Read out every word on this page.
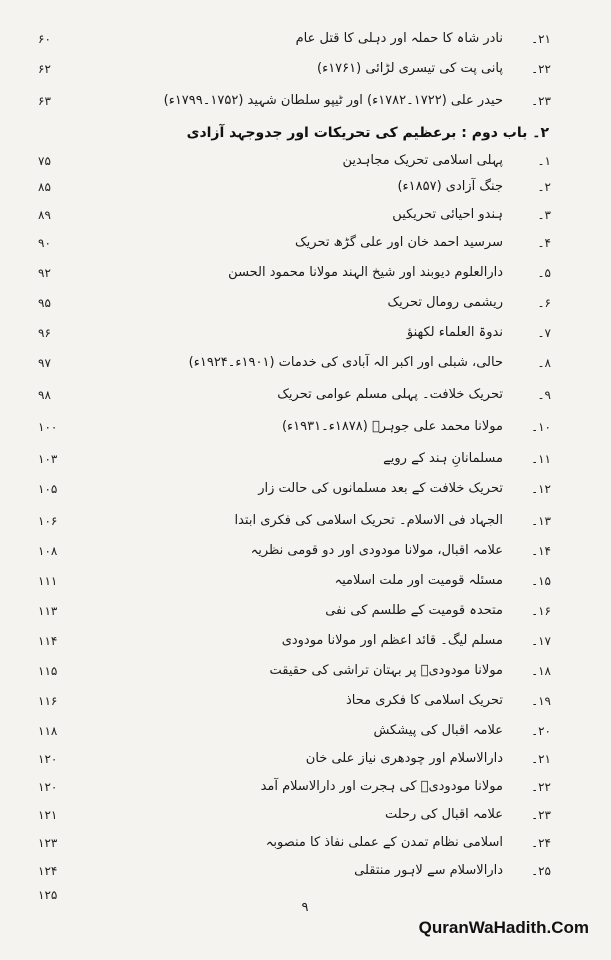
۶۰	نادر شاہ کا حملہ اور دہلی کا قتل عام	۲۱۔
۶۲	پانی پت کی تیسری لڑائی (۱۷۶۱ء)	۲۲۔
۶۳	حیدر علی (۱۷۲۲۔۱۷۸۲ء) اور ٹیپو سلطان شہید (۱۷۵۲۔۱۷۹۹ء)	۲۳۔
۲۔ باب دوم : برعظیم کی تحریکات اور جدوجہد آزادی
۷۵	پہلی اسلامی تحریک مجاہدین	۱۔
۸۵	جنگ آزادی (۱۸۵۷ء)	۲۔
۸۹	ہندو احیائی تحریکیں	۳۔
۹۰	سرسید احمد خان اور علی گڑھ تحریک	۴۔
۹۲	دارالعلوم دیوبند اور شیخ الہند مولانا محمود الحسن	۵۔
۹۵	ریشمی رومال تحریک	۶۔
۹۶	ندوۃ العلماء لکھنؤ	۷۔
۹۷	حالی، شبلی اور اکبر الہ آبادی کی خدمات (۱۹۰۱ء۔۱۹۲۴ء)	۸۔
۹۸	تحریک خلافت۔ پہلی مسلم عوامی تحریک	۹۔
۱۰۰	مولانا محمد علی جوہرؒ (۱۸۷۸ء۔۱۹۳۱ء)	۱۰۔
۱۰۳	مسلمانانِ ہند کے رویے	۱۱۔
۱۰۵	تحریک خلافت کے بعد مسلمانوں کی حالت زار	۱۲۔
۱۰۶	الجہاد فی الاسلام۔ تحریک اسلامی کی فکری ابتدا	۱۳۔
۱۰۸	علامہ اقبال، مولانا مودودی اور دو قومی نظریہ	۱۴۔
۱۱۱	مسئلہ قومیت اور ملت اسلامیہ	۱۵۔
۱۱۳	متحدہ قومیت کے طلسم کی نفی	۱۶۔
۱۱۴	مسلم لیگ۔ قائد اعظم اور مولانا مودودی	۱۷۔
۱۱۵	مولانا مودودیؒ پر بہتان تراشی کی حقیقت	۱۸۔
۱۱۶	تحریک اسلامی کا فکری محاذ	۱۹۔
۱۱۸	علامہ اقبال کی پیشکش	۲۰۔
۱۲۰	دارالاسلام اور چودھری نیاز علی خان	۲۱۔
۱۲۰	مولانا مودودیؒ کی ہجرت اور دارالاسلام آمد	۲۲۔
۱۲۱	علامہ اقبال کی رحلت	۲۳۔
۱۲۳	اسلامی نظام تمدن کے عملی نفاذ کا منصوبہ	۲۴۔
۱۲۴	دارالاسلام سے لاہور منتقلی	۲۵۔
۱۲۵
۹
QuranWaHadith.Com
